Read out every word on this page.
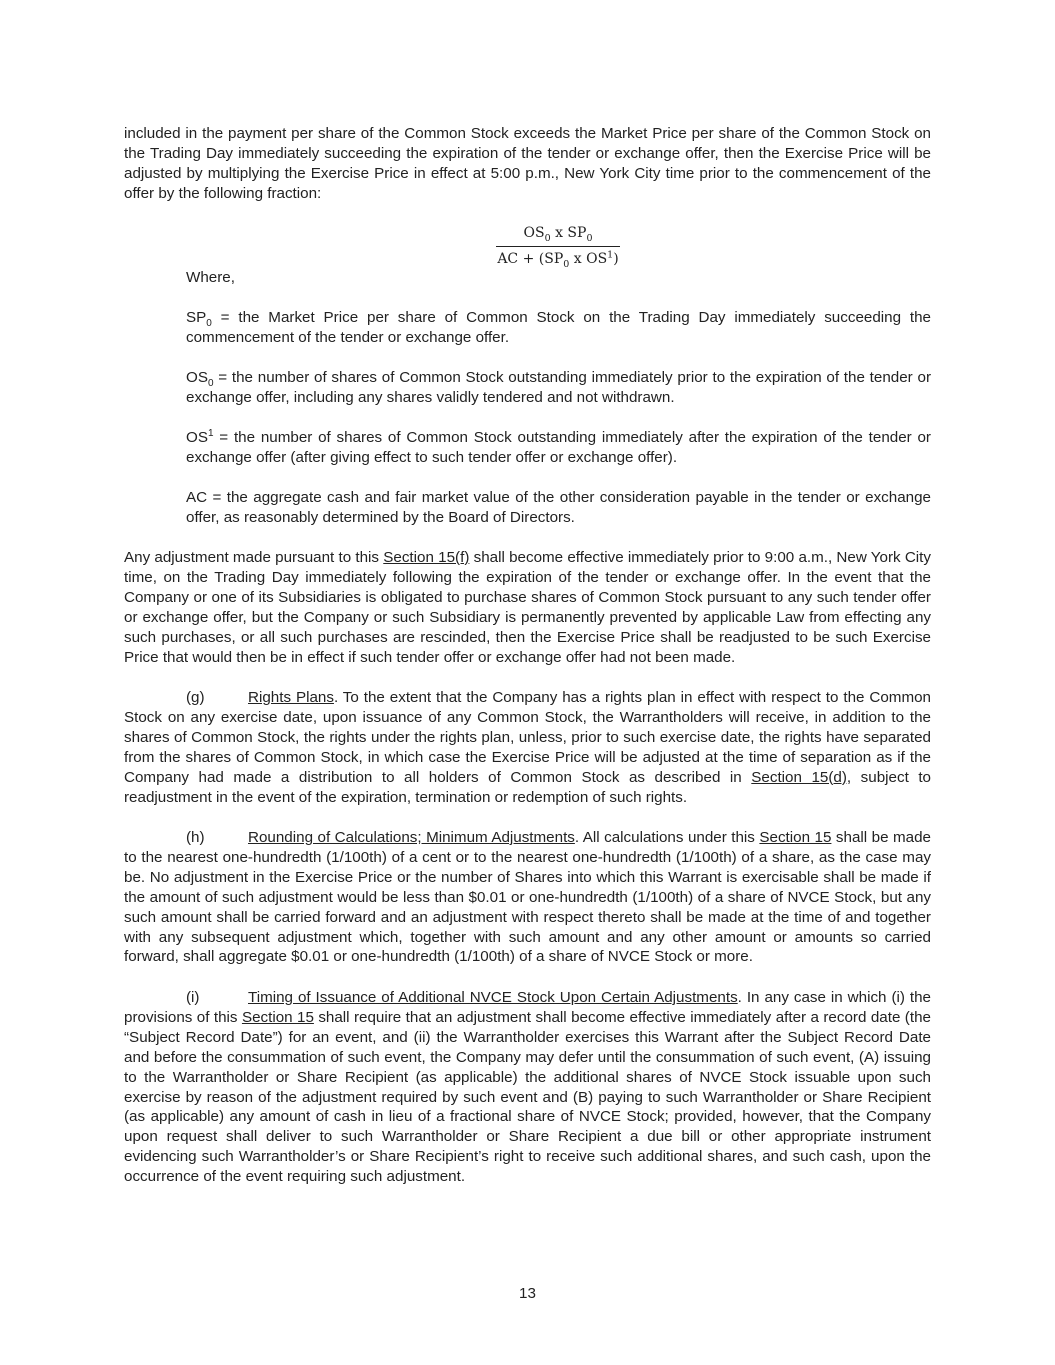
included in the payment per share of the Common Stock exceeds the Market Price per share of the Common Stock on the Trading Day immediately succeeding the expiration of the tender or exchange offer, then the Exercise Price will be adjusted by multiplying the Exercise Price in effect at 5:00 p.m., New York City time prior to the commencement of the offer by the following fraction:

$OS_0$ x $SP_0$
AC + ($SP_0$ x $OS^1$)

Where,

$SP_0$ = the Market Price per share of Common Stock on the Trading Day immediately succeeding the commencement of the tender or exchange offer.

$OS_0$ = the number of shares of Common Stock outstanding immediately prior to the expiration of the tender or exchange offer, including any shares validly tendered and not withdrawn.

$OS^1$ = the number of shares of Common Stock outstanding immediately after the expiration of the tender or exchange offer (after giving effect to such tender offer or exchange offer).

AC = the aggregate cash and fair market value of the other consideration payable in the tender or exchange offer, as reasonably determined by the Board of Directors.

Any adjustment made pursuant to this Section 15(f) shall become effective immediately prior to 9:00 a.m., New York City time, on the Trading Day immediately following the expiration of the tender or exchange offer. In the event that the Company or one of its Subsidiaries is obligated to purchase shares of Common Stock pursuant to any such tender offer or exchange offer, but the Company or such Subsidiary is permanently prevented by applicable Law from effecting any such purchases, or all such purchases are rescinded, then the Exercise Price shall be readjusted to be such Exercise Price that would then be in effect if such tender offer or exchange offer had not been made.

(g)	Rights Plans. To the extent that the Company has a rights plan in effect with respect to the Common Stock on any exercise date, upon issuance of any Common Stock, the Warrantholders will receive, in addition to the shares of Common Stock, the rights under the rights plan, unless, prior to such exercise date, the rights have separated from the shares of Common Stock, in which case the Exercise Price will be adjusted at the time of separation as if the Company had made a distribution to all holders of Common Stock as described in Section 15(d), subject to readjustment in the event of the expiration, termination or redemption of such rights.

(h)	Rounding of Calculations; Minimum Adjustments. All calculations under this Section 15 shall be made to the nearest one-hundredth (1/100th) of a cent or to the nearest one-hundredth (1/100th) of a share, as the case may be. No adjustment in the Exercise Price or the number of Shares into which this Warrant is exercisable shall be made if the amount of such adjustment would be less than $0.01 or one-hundredth (1/100th) of a share of NVCE Stock, but any such amount shall be carried forward and an adjustment with respect thereto shall be made at the time of and together with any subsequent adjustment which, together with such amount and any other amount or amounts so carried forward, shall aggregate $0.01 or one-hundredth (1/100th) of a share of NVCE Stock or more.

(i)	Timing of Issuance of Additional NVCE Stock Upon Certain Adjustments. In any case in which (i) the provisions of this Section 15 shall require that an adjustment shall become effective immediately after a record date (the “Subject Record Date”) for an event, and (ii) the Warrantholder exercises this Warrant after the Subject Record Date and before the consummation of such event, the Company may defer until the consummation of such event, (A) issuing to the Warrantholder or Share Recipient (as applicable) the additional shares of NVCE Stock issuable upon such exercise by reason of the adjustment required by such event and (B) paying to such Warrantholder or Share Recipient (as applicable) any amount of cash in lieu of a fractional share of NVCE Stock; provided, however, that the Company upon request shall deliver to such Warrantholder or Share Recipient a due bill or other appropriate instrument evidencing such Warrantholder’s or Share Recipient’s right to receive such additional shares, and such cash, upon the occurrence of the event requiring such adjustment.

13
